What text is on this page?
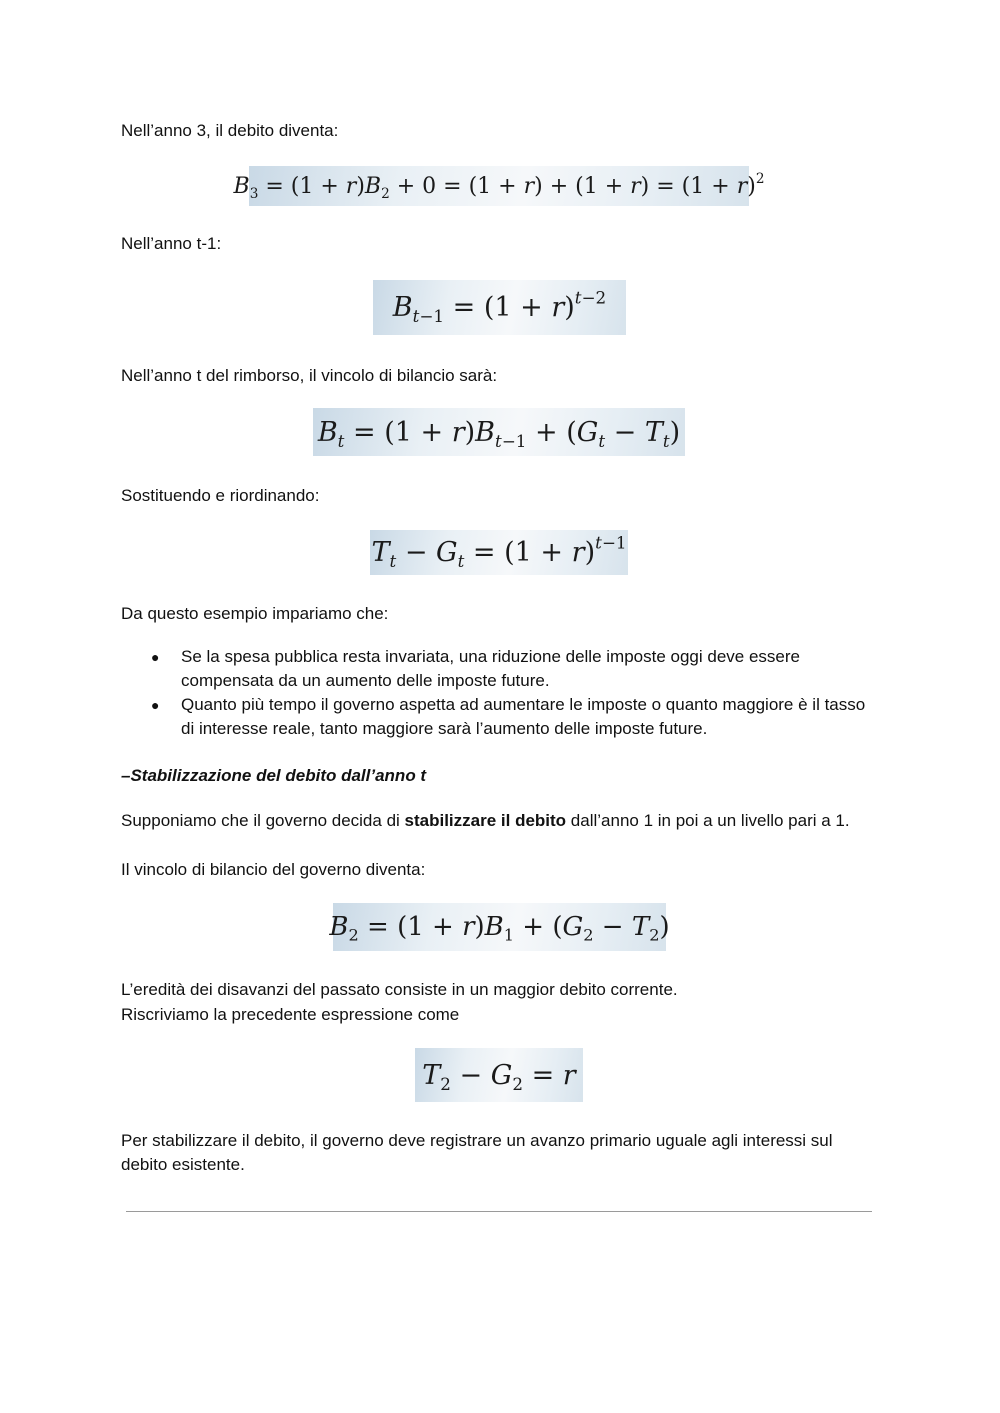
Nell’anno 3, il debito diventa:

$B_3 = (1 + r)B_2 + 0 = (1 + r) + (1 + r) = (1 + r)^2$

Nell’anno t-1:

$B_{t-1} = (1 + r)^{t-2}$

Nell’anno t del rimborso, il vincolo di bilancio sarà:

$B_t = (1 + r)B_{t-1} + (G_t - T_t)$

Sostituendo e riordinando:

$T_t - G_t = (1 + r)^{t-1}$

Da questo esempio impariamo che:

● Se la spesa pubblica resta invariata, una riduzione delle imposte oggi deve essere compensata da un aumento delle imposte future.
● Quanto più tempo il governo aspetta ad aumentare le imposte o quanto maggiore è il tasso di interesse reale, tanto maggiore sarà l’aumento delle imposte future.

–Stabilizzazione del debito dall’anno t

Supponiamo che il governo decida di stabilizzare il debito dall’anno 1 in poi a un livello pari a 1.

Il vincolo di bilancio del governo diventa:

$B_2 = (1 + r)B_1 + (G_2 - T_2)$

L’eredità dei disavanzi del passato consiste in un maggior debito corrente.

Riscriviamo la precedente espressione come

$T_2 - G_2 = r$

Per stabilizzare il debito, il governo deve registrare un avanzo primario uguale agli interessi sul debito esistente.
